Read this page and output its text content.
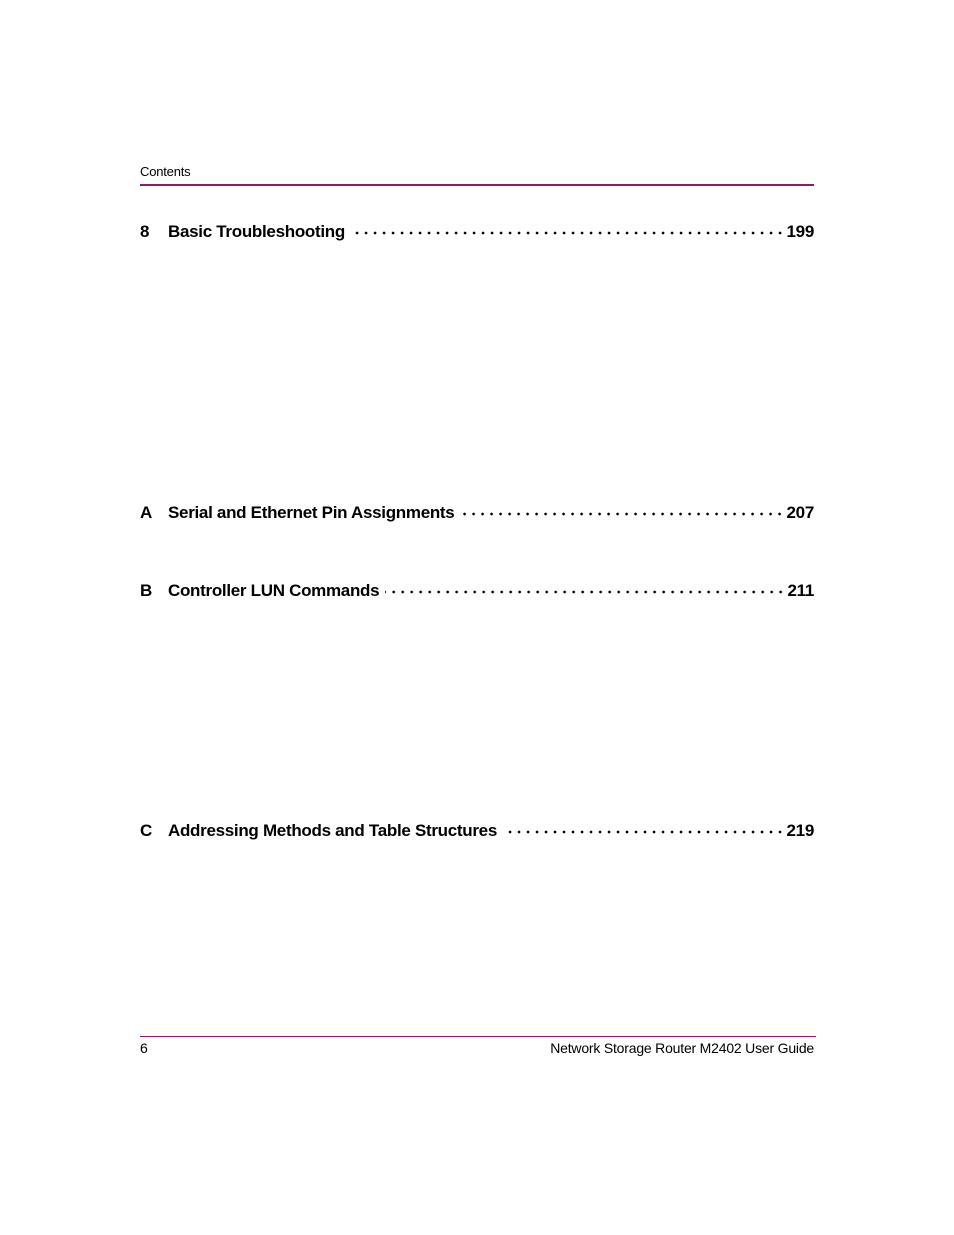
Contents
8	Basic Troubleshooting	199
A Serial and Ethernet Pin Assignments	207
B Controller LUN Commands	211
C Addressing Methods and Table Structures	219
6	Network Storage Router M2402 User Guide
